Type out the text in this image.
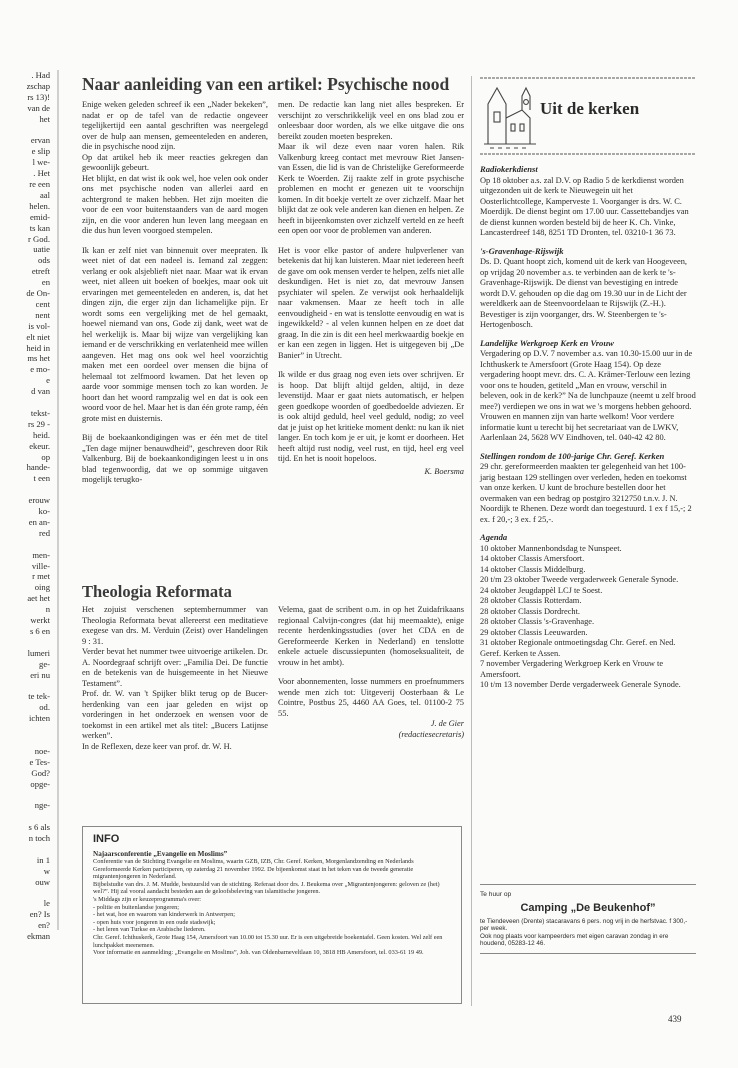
. Had
zschap
rs 13)!
van de
het
ervan
e slip
l we-
. Het
re een
aal
helen.
emid-
ts kan
r God.
uatie
ods
etreft
en
de On-
cent
nent
is vol-
elt niet
heid in
ms het
e mo-
e
d van
tekst-
rs 29 -
heid.
ekeur.
op
hande-
t een
erouw
ko-
en an-
red
men-
ville-
r met
oing
aet het
n
werkt
s 6 en
lumeri
ge-
eri nu
te tek-
od.
ichten
noe-
e Tes-
God?
opge-
nge-
s 6 als
n toch
in 1
w
ouw
le
en? Is
en?
ekman
Naar aanleiding van een artikel: Psychische nood

Enige weken geleden schreef ik een „Nader bekeken”, nadat er op de tafel van de redactie ongeveer tegelijkertijd een aantal geschriften was neergelegd over de hulp aan mensen, gemeenteleden en anderen, die in psychische nood zijn.
Op dat artikel heb ik meer reacties gekregen dan gewoonlijk gebeurt.
Het blijkt, en dat wist ik ook wel, hoe velen ook onder ons met psychische noden van allerlei aard en achtergrond te maken hebben. Het zijn moeiten die voor de een voor buitenstaanders van de aard mogen zijn, en die voor anderen hun leven lang meegaan en die dus hun leven voorgoed stempelen.

Ik kan er zelf niet van binnenuit over meepraten. Ik weet niet of dat een nadeel is. Iemand zal zeggen: verlang er ook alsjeblieft niet naar. Maar wat ik ervan weet, niet alleen uit boeken of boekjes, maar ook uit ervaringen met gemeenteleden en anderen, is, dat het dingen zijn, die erger zijn dan lichamelijke pijn. Er wordt soms een vergelijking met de hel gemaakt, hoewel niemand van ons, Gode zij dank, weet wat de hel werkelijk is. Maar bij wijze van vergelijking kan iemand er de verschrikking en verlatenheid mee willen aangeven. Het mag ons ook wel heel voorzichtig maken met een oordeel over mensen die bijna of helemaal tot zelfmoord kwamen. Dat het leven op aarde voor sommige mensen toch zo kan worden. Je hoort dan het woord rampzalig wel en dat is ook een woord voor de hel. Maar het is dan één grote ramp, één grote mist en duisternis.

Bij de boekaankondigingen was er één met de titel „Ten dage mijner benauwdheid”, geschreven door Rik Valkenburg. Bij de boekaankondigingen leest u in ons blad tegenwoordig, dat we op sommige uitgaven mogelijk terugko-

men. De redactie kan lang niet alles bespreken. Er verschijnt zo verschrikkelijk veel en ons blad zou er onleesbaar door worden, als we elke uitgave die ons bereikt zouden moeten bespreken.
Maar ik wil deze even naar voren halen. Rik Valkenburg kreeg contact met mevrouw Riet Jansen-van Essen, die lid is van de Christelijke Gereformeerde Kerk te Woerden. Zij raakte zelf in grote psychische problemen en mocht er genezen uit te voorschijn komen. In dit boekje vertelt ze over zichzelf. Maar het blijkt dat ze ook vele anderen kan dienen en helpen. Ze heeft in bijeenkomsten over zichzelf verteld en ze heeft een open oor voor de problemen van anderen.

Het is voor elke pastor of andere hulpverlener van betekenis dat hij kan luisteren. Maar niet iedereen heeft de gave om ook mensen verder te helpen, zelfs niet alle deskundigen. Het is niet zo, dat mevrouw Jansen psychiater wil spelen. Ze verwijst ook herhaaldelijk naar vakmensen. Maar ze heeft toch in alle eenvoudigheid - en wat is tenslotte eenvoudig en wat is ingewikkeld? - al velen kunnen helpen en ze doet dat graag. In die zin is dit een heel merkwaardig boekje en er kan een zegen in liggen. Het is uitgegeven bij „De Banier” in Utrecht.

Ik wilde er dus graag nog even iets over schrijven. Er is hoop. Dat blijft altijd gelden, altijd, in deze levenstijd. Maar er gaat niets automatisch, er helpen geen goedkope woorden of goedbedoelde adviezen. Er is ook altijd geduld, heel veel geduld, nodig; zo veel dat je juist op het kritieke moment denkt: nu kan ik niet langer. En toch kom je er uit, je komt er doorheen. Het heeft altijd rust nodig, veel rust, en tijd, heel erg veel tijd. En het is nooit hopeloos.

K. Boersma
Theologia Reformata

Het zojuist verschenen septembernummer van Theologia Reformata bevat allereerst een meditatieve exegese van drs. M. Verduin (Zeist) over Handelingen 9 : 31.
Verder bevat het nummer twee uitvoerige artikelen. Dr. A. Noordegraaf schrijft over: „Familia Dei. De functie en de betekenis van de huisgemeente in het Nieuwe Testament”.
Prof. dr. W. van 't Spijker blikt terug op de Bucer-herdenking van een jaar geleden en wijst op vorderingen in het onderzoek en wensen voor de toekomst in een artikel met als titel: „Bucers Latijnse werken”.
In de Reflexen, deze keer van prof. dr. W. H.

Velema, gaat de scribent o.m. in op het Zuidafrikaans regionaal Calvijn-congres (dat hij meemaakte), enige recente herdenkingsstudies (over het CDA en de Gereformeerde Kerken in Nederland) en tenslotte enkele actuele discussiepunten (homoseksualiteit, de vrouw in het ambt).

Voor abonnementen, losse nummers en proefnummers wende men zich tot: Uitgeverij Oosterbaan & Le Cointre, Postbus 25, 4460 AA Goes, tel. 01100-2 75 55.

J. de Gier
(redactiesecretaris)
INFO
Najaarsconferentie „Evangelie en Moslims”

Conferentie van de Stichting Evangelie en Moslims, waarin GZB, IZB, Chr. Geref. Kerken, Morgenlandzending en Nederlands Gereformeerde Kerken participeren, op zaterdag 21 november 1992. De bijeenkomst staat in het teken van de tweede generatie migrantenjongeren in Nederland.

Bijbelstudie van drs. J. M. Mudde, bestuurslid van de stichting. Referaat door drs. J. Beukema over „Migrantenjongeren: geloven ze (het) wel?”. Hij zal vooral aandacht besteden aan de geloofsbeleving van islamitische jongeren.

's Middags zijn er keuzeprogramma's over:

- politie en buitenlandse jongeren;

- het wat, hoe en waarom van kinderwerk in Antwerpen;

- open huis voor jongeren in een oude stadswijk;

- het leren van Turkse en Arabische liederen.

Chr. Geref. Ichthuskerk, Grote Haag 154, Amersfoort van 10.00 tot 15.30 uur. Er is een uitgebreide boekentafel. Geen kosten. Wel zelf een lunchpakket meenemen.

Voor informatie en aanmelding: „Evangelie en Moslims”, Joh. van Oldenbarneveltlaan 10, 3818 HB Amersfoort, tel. 033-61 19 49.

Uit de kerken
Radiokerkdienst

Op 18 oktober a.s. zal D.V. op Radio 5 de kerkdienst worden uitgezonden uit de kerk te Nieuwegein uit het Oosterlichtcollege, Kamperveste 1. Voorganger is drs. W. C. Moerdijk. De dienst begint om 17.00 uur. Cassettebandjes van de dienst kunnen worden besteld bij de heer K. Ch. Vinke, Lancasterdreef 148, 8251 TD Dronten, tel. 03210-1 36 73.

's-Gravenhage-Rijswijk

Ds. D. Quant hoopt zich, komend uit de kerk van Hoogeveen, op vrijdag 20 november a.s. te verbinden aan de kerk te 's-Gravenhage-Rijswijk. De dienst van bevestiging en intrede wordt D.V. gehouden op die dag om 19.30 uur in de Licht der wereldkerk aan de Steenvoordelaan te Rijswijk (Z.-H.). Bevestiger is zijn voorganger, drs. W. Steenbergen te 's-Hertogenbosch.

Landelijke Werkgroep Kerk en Vrouw

Vergadering op D.V. 7 november a.s. van 10.30-15.00 uur in de Ichthuskerk te Amersfoort (Grote Haag 154). Op deze vergadering hoopt mevr. drs. C. A. Krämer-Terlouw een lezing voor ons te houden, getiteld „Man en vrouw, verschil in beleven, ook in de kerk?” Na de lunchpauze (neemt u zelf brood mee?) verdiepen we ons in wat we 's morgens hebben gehoord.
Vrouwen en mannen zijn van harte welkom! Voor verdere informatie kunt u terecht bij het secretariaat van de LWKV, Aarlenlaan 24, 5628 WV Eindhoven, tel. 040-42 42 80.

Stellingen rondom de 100-jarige Chr. Geref. Kerken

29 chr. gereformeerden maakten ter gelegenheid van het 100-jarig bestaan 129 stellingen over verleden, heden en toekomst van onze kerken. U kunt de brochure bestellen door het overmaken van een bedrag op postgiro 3212750 t.n.v. J. N. Noordijk te Rhenen. Deze wordt dan toegestuurd. 1 ex f 15,-; 2 ex. f 20,-; 3 ex. f 25,-.

Agenda

10 oktober Mannenbondsdag te Nunspeet.

14 oktober Classis Amersfoort.

14 oktober Classis Middelburg.

20 t/m 23 oktober Tweede vergaderweek Generale Synode.

24 oktober Jeugdappèl LCJ te Soest.

28 oktober Classis Rotterdam.

28 oktober Classis Dordrecht.

28 oktober Classis 's-Gravenhage.

29 oktober Classis Leeuwarden.

31 oktober Regionale ontmoetingsdag Chr. Geref. en Ned. Geref. Kerken te Assen.

7 november Vergadering Werkgroep Kerk en Vrouw te Amersfoort.

10 t/m 13 november Derde vergaderweek Generale Synode.

Te huur op

Camping „De Beukenhof”

te Tiendeveen (Drente) stacaravans 6 pers. nog vrij in de herfstvac. f 300,- per week.
Ook nog plaats voor kampeerders met eigen caravan zondag in ere houdend, 05283-12 46.

439
